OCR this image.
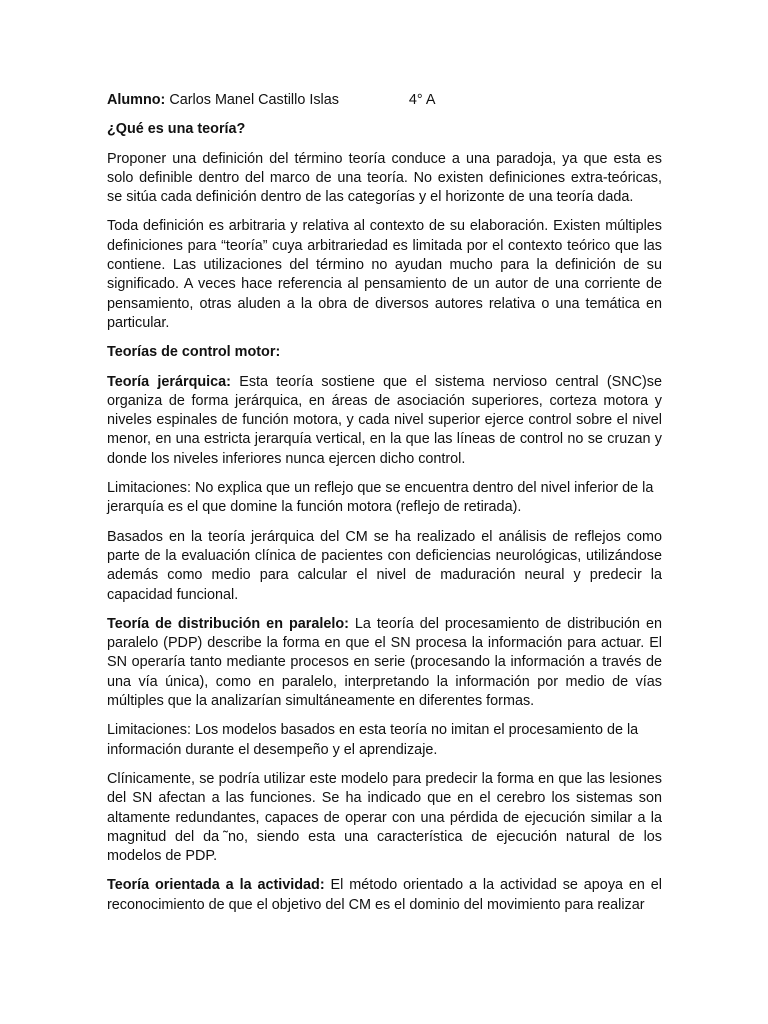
Alumno: Carlos Manel Castillo Islas	4° A
¿Qué es una teoría?

Proponer una definición del término teoría conduce a una paradoja, ya que esta es solo definible dentro del marco de una teoría. No existen definiciones extra-teóricas, se sitúa cada definición dentro de las categorías y el horizonte de una teoría dada.

Toda definición es arbitraria y relativa al contexto de su elaboración. Existen múltiples definiciones para “teoría” cuya arbitrariedad es limitada por el contexto teórico que las contiene. Las utilizaciones del término no ayudan mucho para la definición de su significado. A veces hace referencia al pensamiento de un autor de una corriente de pensamiento, otras aluden a la obra de diversos autores relativa o una temática en particular.

Teorías de control motor:

Teoría jerárquica: Esta teoría sostiene que el sistema nervioso central (SNC)se organiza de forma jerárquica, en áreas de asociación superiores, corteza motora y niveles espinales de función motora, y cada nivel superior ejerce control sobre el nivel menor, en una estricta jerarquía vertical, en la que las líneas de control no se cruzan y donde los niveles inferiores nunca ejercen dicho control.

Limitaciones: No explica que un reflejo que se encuentra dentro del nivel inferior de la jerarquía es el que domine la función motora (reflejo de retirada).

Basados en la teoría jerárquica del CM se ha realizado el análisis de reflejos como parte de la evaluación clínica de pacientes con deficiencias neurológicas, utilizándose además como medio para calcular el nivel de maduración neural y predecir la capacidad funcional.

Teoría de distribución en paralelo: La teoría del procesamiento de distribución en paralelo (PDP) describe la forma en que el SN procesa la información para actuar. El SN operaría tanto mediante procesos en serie (procesando la información a través de una vía única), como en paralelo, interpretando la información por medio de vías múltiples que la analizarían simultáneamente en diferentes formas.

Limitaciones: Los modelos basados en esta teoría no imitan el procesamiento de la información durante el desempeño y el aprendizaje.

Clínicamente, se podría utilizar este modelo para predecir la forma en que las lesiones del SN afectan a las funciones. Se ha indicado que en el cerebro los sistemas son altamente redundantes, capaces de operar con una pérdida de ejecución similar a la magnitud del da ̃no, siendo esta una característica de ejecución natural de los modelos de PDP.

Teoría orientada a la actividad: El método orientado a la actividad se apoya en el reconocimiento de que el objetivo del CM es el dominio del movimiento para realizar
